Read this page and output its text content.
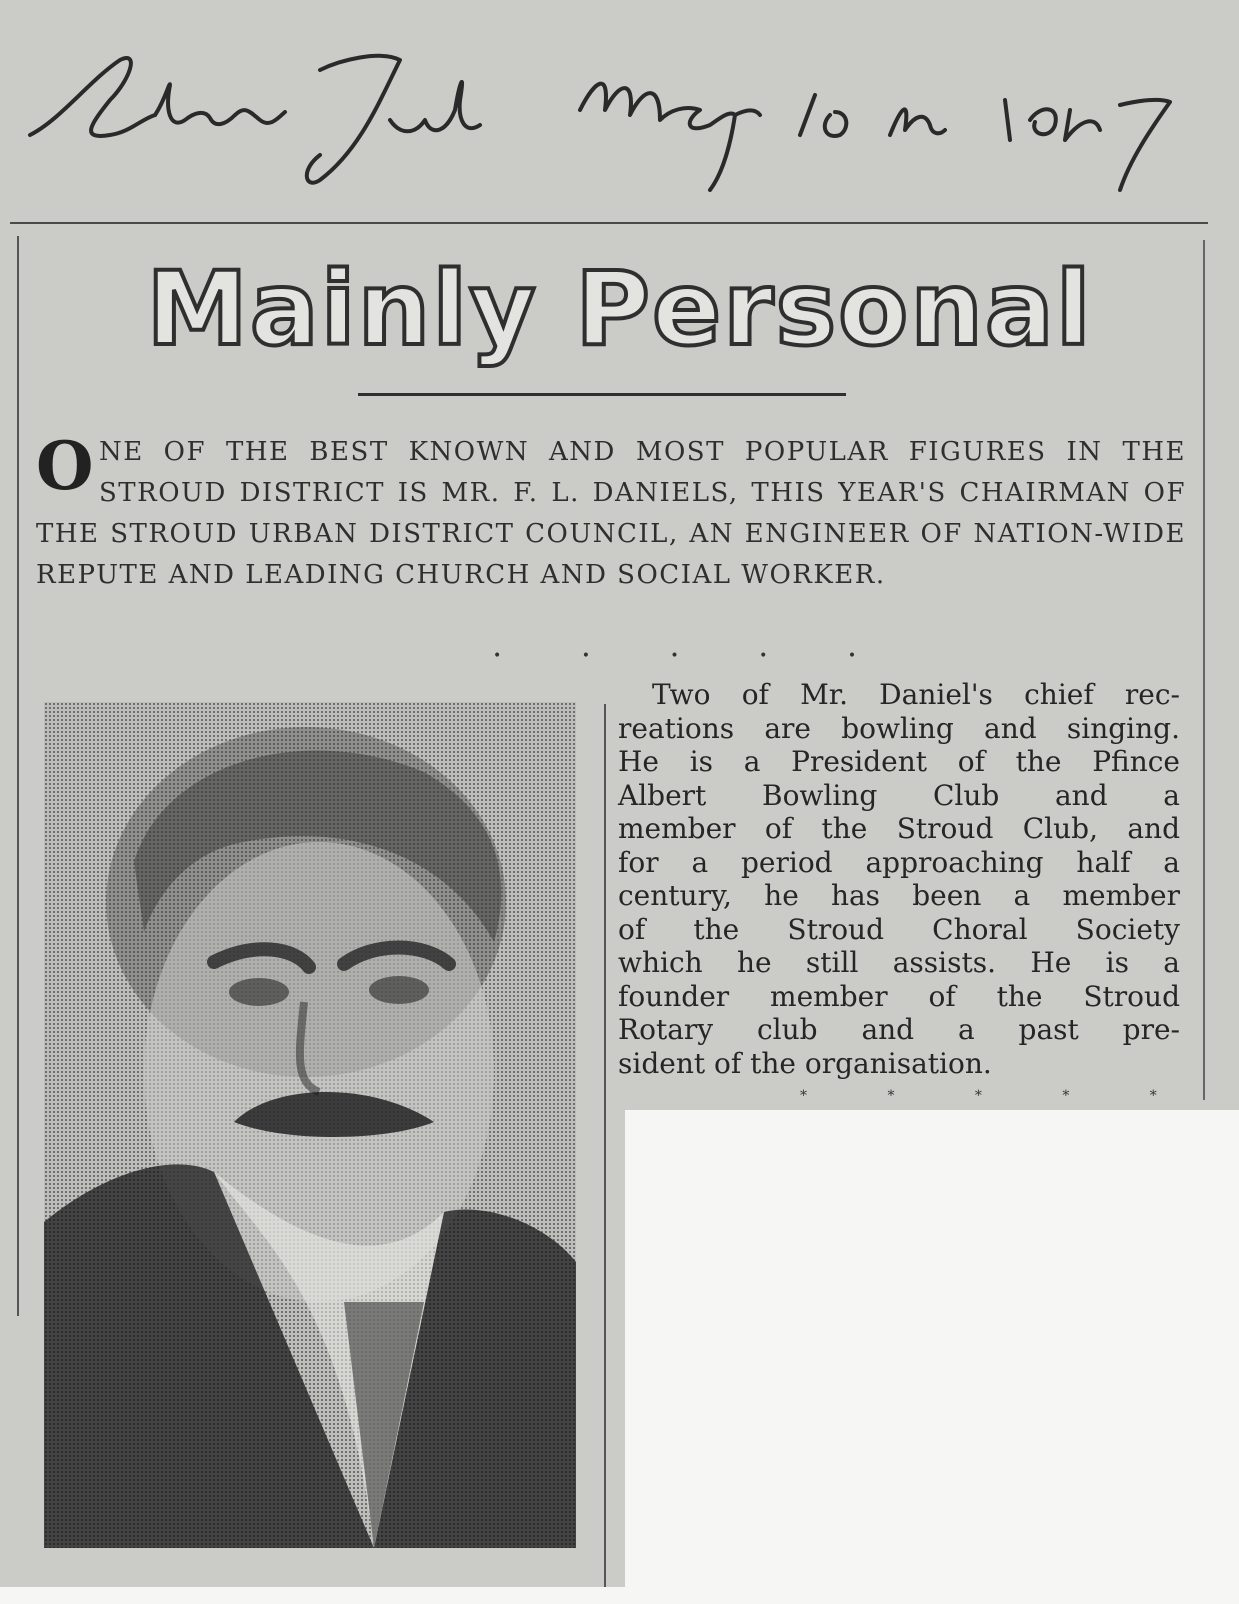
Mainly Personal
ONE OF THE BEST KNOWN AND MOST POPULAR FIGURES IN THE STROUD DISTRICT IS MR. F. L. DANIELS, THIS YEAR'S CHAIRMAN OF THE STROUD URBAN DISTRICT COUNCIL, AN ENGINEER OF NATION-WIDE REPUTE AND LEADING CHURCH AND SOCIAL WORKER.
• • • • •
Two of Mr. Daniel's chief rec-
reations are bowling and singing.
He is a President of the Pfince
Albert Bowling Club and a
member of the Stroud Club, and
for a period approaching half a
century, he has been a member
of the Stroud Choral Society
which he still assists. He is a
founder member of the Stroud
Rotary club and a past pre-
sident of the organisation.
* * * * *
